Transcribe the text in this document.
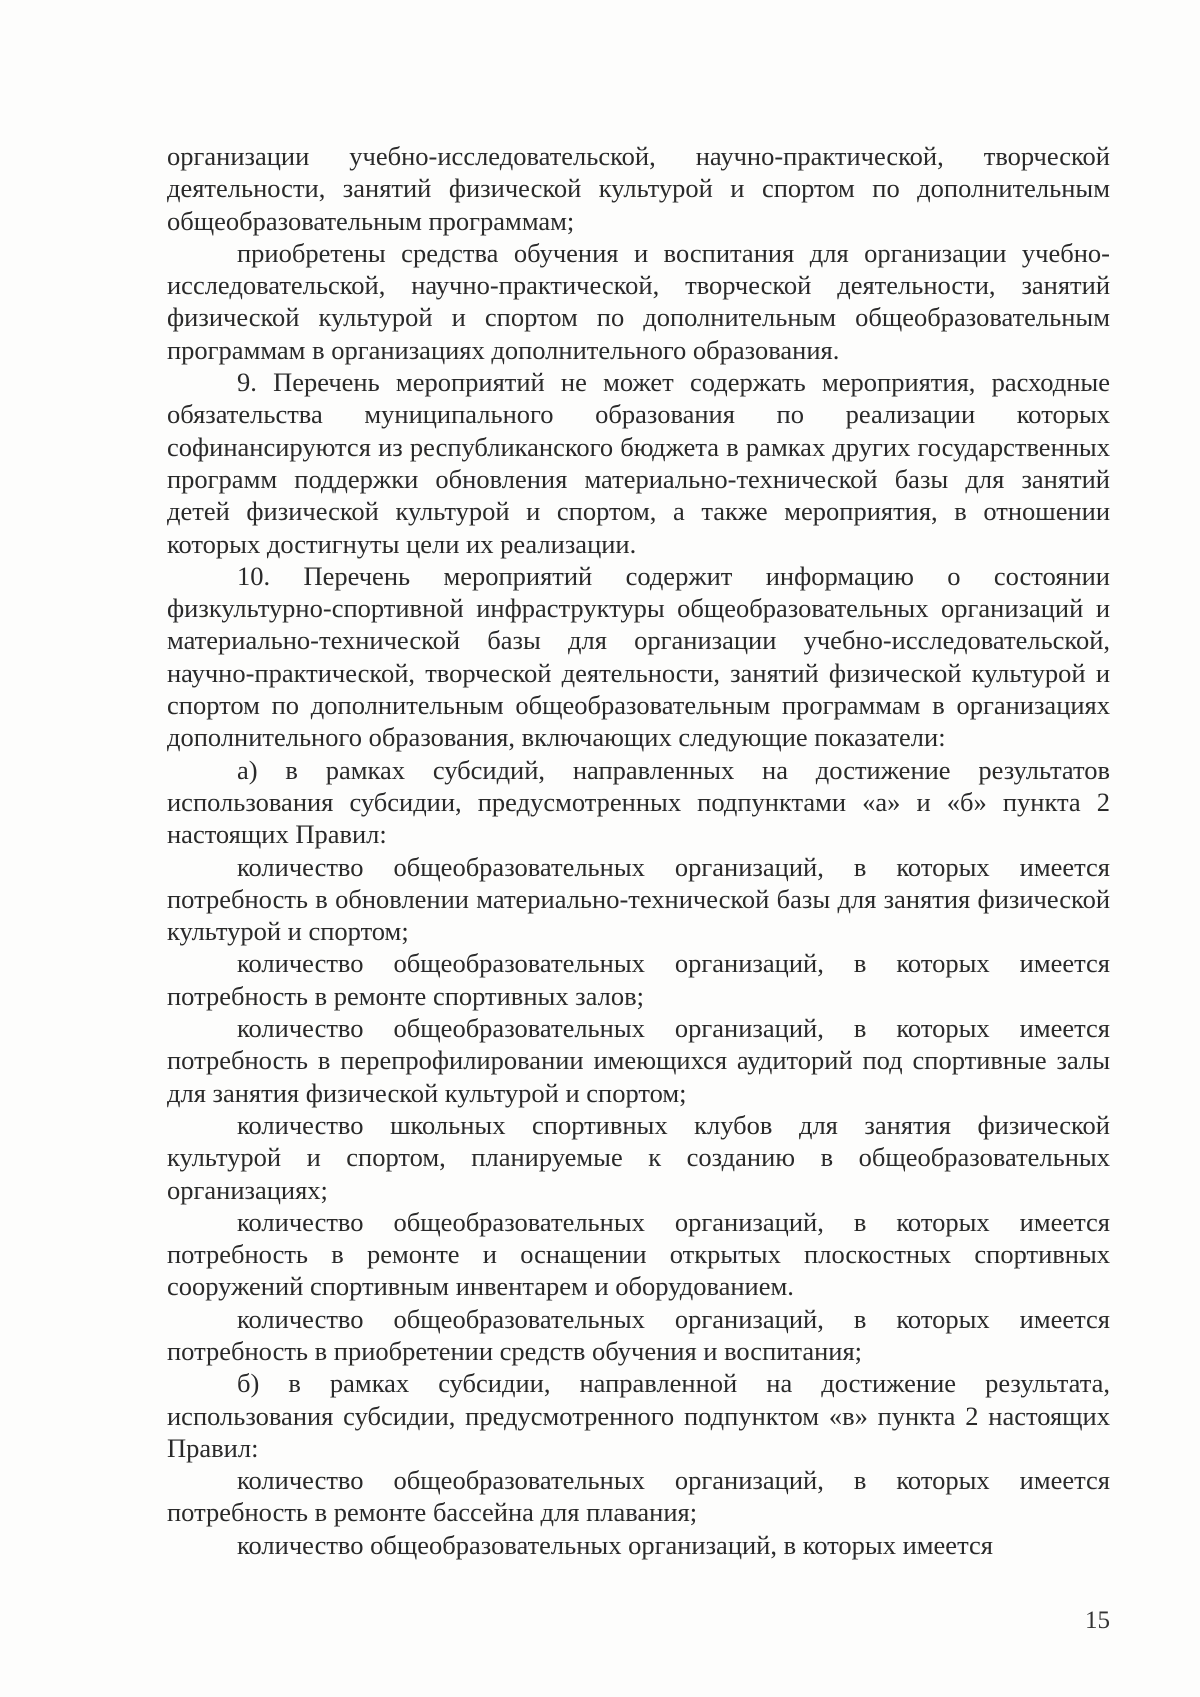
организации учебно-исследовательской, научно-практической, творческой деятельности, занятий физической культурой и спортом по дополнительным общеобразовательным программам;

приобретены средства обучения и воспитания для организации учебно-исследовательской, научно-практической, творческой деятельности, занятий физической культурой и спортом по дополнительным общеобразовательным программам в организациях дополнительного образования.

9. Перечень мероприятий не может содержать мероприятия, расходные обязательства муниципального образования по реализации которых софинансируются из республиканского бюджета в рамках других государственных программ поддержки обновления материально-технической базы для занятий детей физической культурой и спортом, а также мероприятия, в отношении которых достигнуты цели их реализации.

10. Перечень мероприятий содержит информацию о состоянии физкультурно-спортивной инфраструктуры общеобразовательных организаций и материально-технической базы для организации учебно-исследовательской, научно-практической, творческой деятельности, занятий физической культурой и спортом по дополнительным общеобразовательным программам в организациях дополнительного образования, включающих следующие показатели:

а) в рамках субсидий, направленных на достижение результатов использования субсидии, предусмотренных подпунктами «а» и «б» пункта 2 настоящих Правил:

количество общеобразовательных организаций, в которых имеется потребность в обновлении материально-технической базы для занятия физической культурой и спортом;

количество общеобразовательных организаций, в которых имеется потребность в ремонте спортивных залов;

количество общеобразовательных организаций, в которых имеется потребность в перепрофилировании имеющихся аудиторий под спортивные залы для занятия физической культурой и спортом;

количество школьных спортивных клубов для занятия физической культурой и спортом, планируемые к созданию в общеобразовательных организациях;

количество общеобразовательных организаций, в которых имеется потребность в ремонте и оснащении открытых плоскостных спортивных сооружений спортивным инвентарем и оборудованием.

количество общеобразовательных организаций, в которых имеется потребность в приобретении средств обучения и воспитания;

б) в рамках субсидии, направленной на достижение результата, использования субсидии, предусмотренного подпунктом «в» пункта 2 настоящих Правил:

количество общеобразовательных организаций, в которых имеется потребность в ремонте бассейна для плавания;

количество общеобразовательных организаций, в которых имеется

15
